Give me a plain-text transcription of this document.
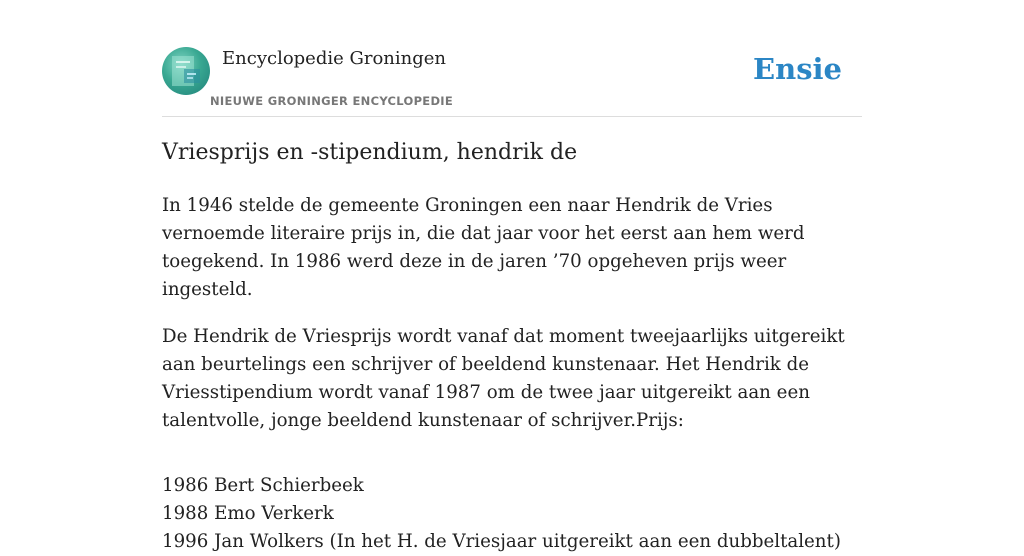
Encyclopedie Groningen
NIEUWE GRONINGER ENCYCLOPEDIE
Ensie
Vriesprijs en -stipendium, hendrik de

In 1946 stelde de gemeente Groningen een naar Hendrik de Vries vernoemde literaire prijs in, die dat jaar voor het eerst aan hem werd toegekend. In 1986 werd deze in de jaren ’70 opgeheven prijs weer ingesteld.

De Hendrik de Vriesprijs wordt vanaf dat moment tweejaarlijks uitgereikt aan beurtelings een schrijver of beeldend kunstenaar. Het Hendrik de Vriesstipendium wordt vanaf 1987 om de twee jaar uitgereikt aan een talentvolle, jonge beeldend kunstenaar of schrijver.Prijs:

1986 Bert Schierbeek
1988 Emo Verkerk
1996 Jan Wolkers (In het H. de Vriesjaar uitgereikt aan een dubbeltalent)
